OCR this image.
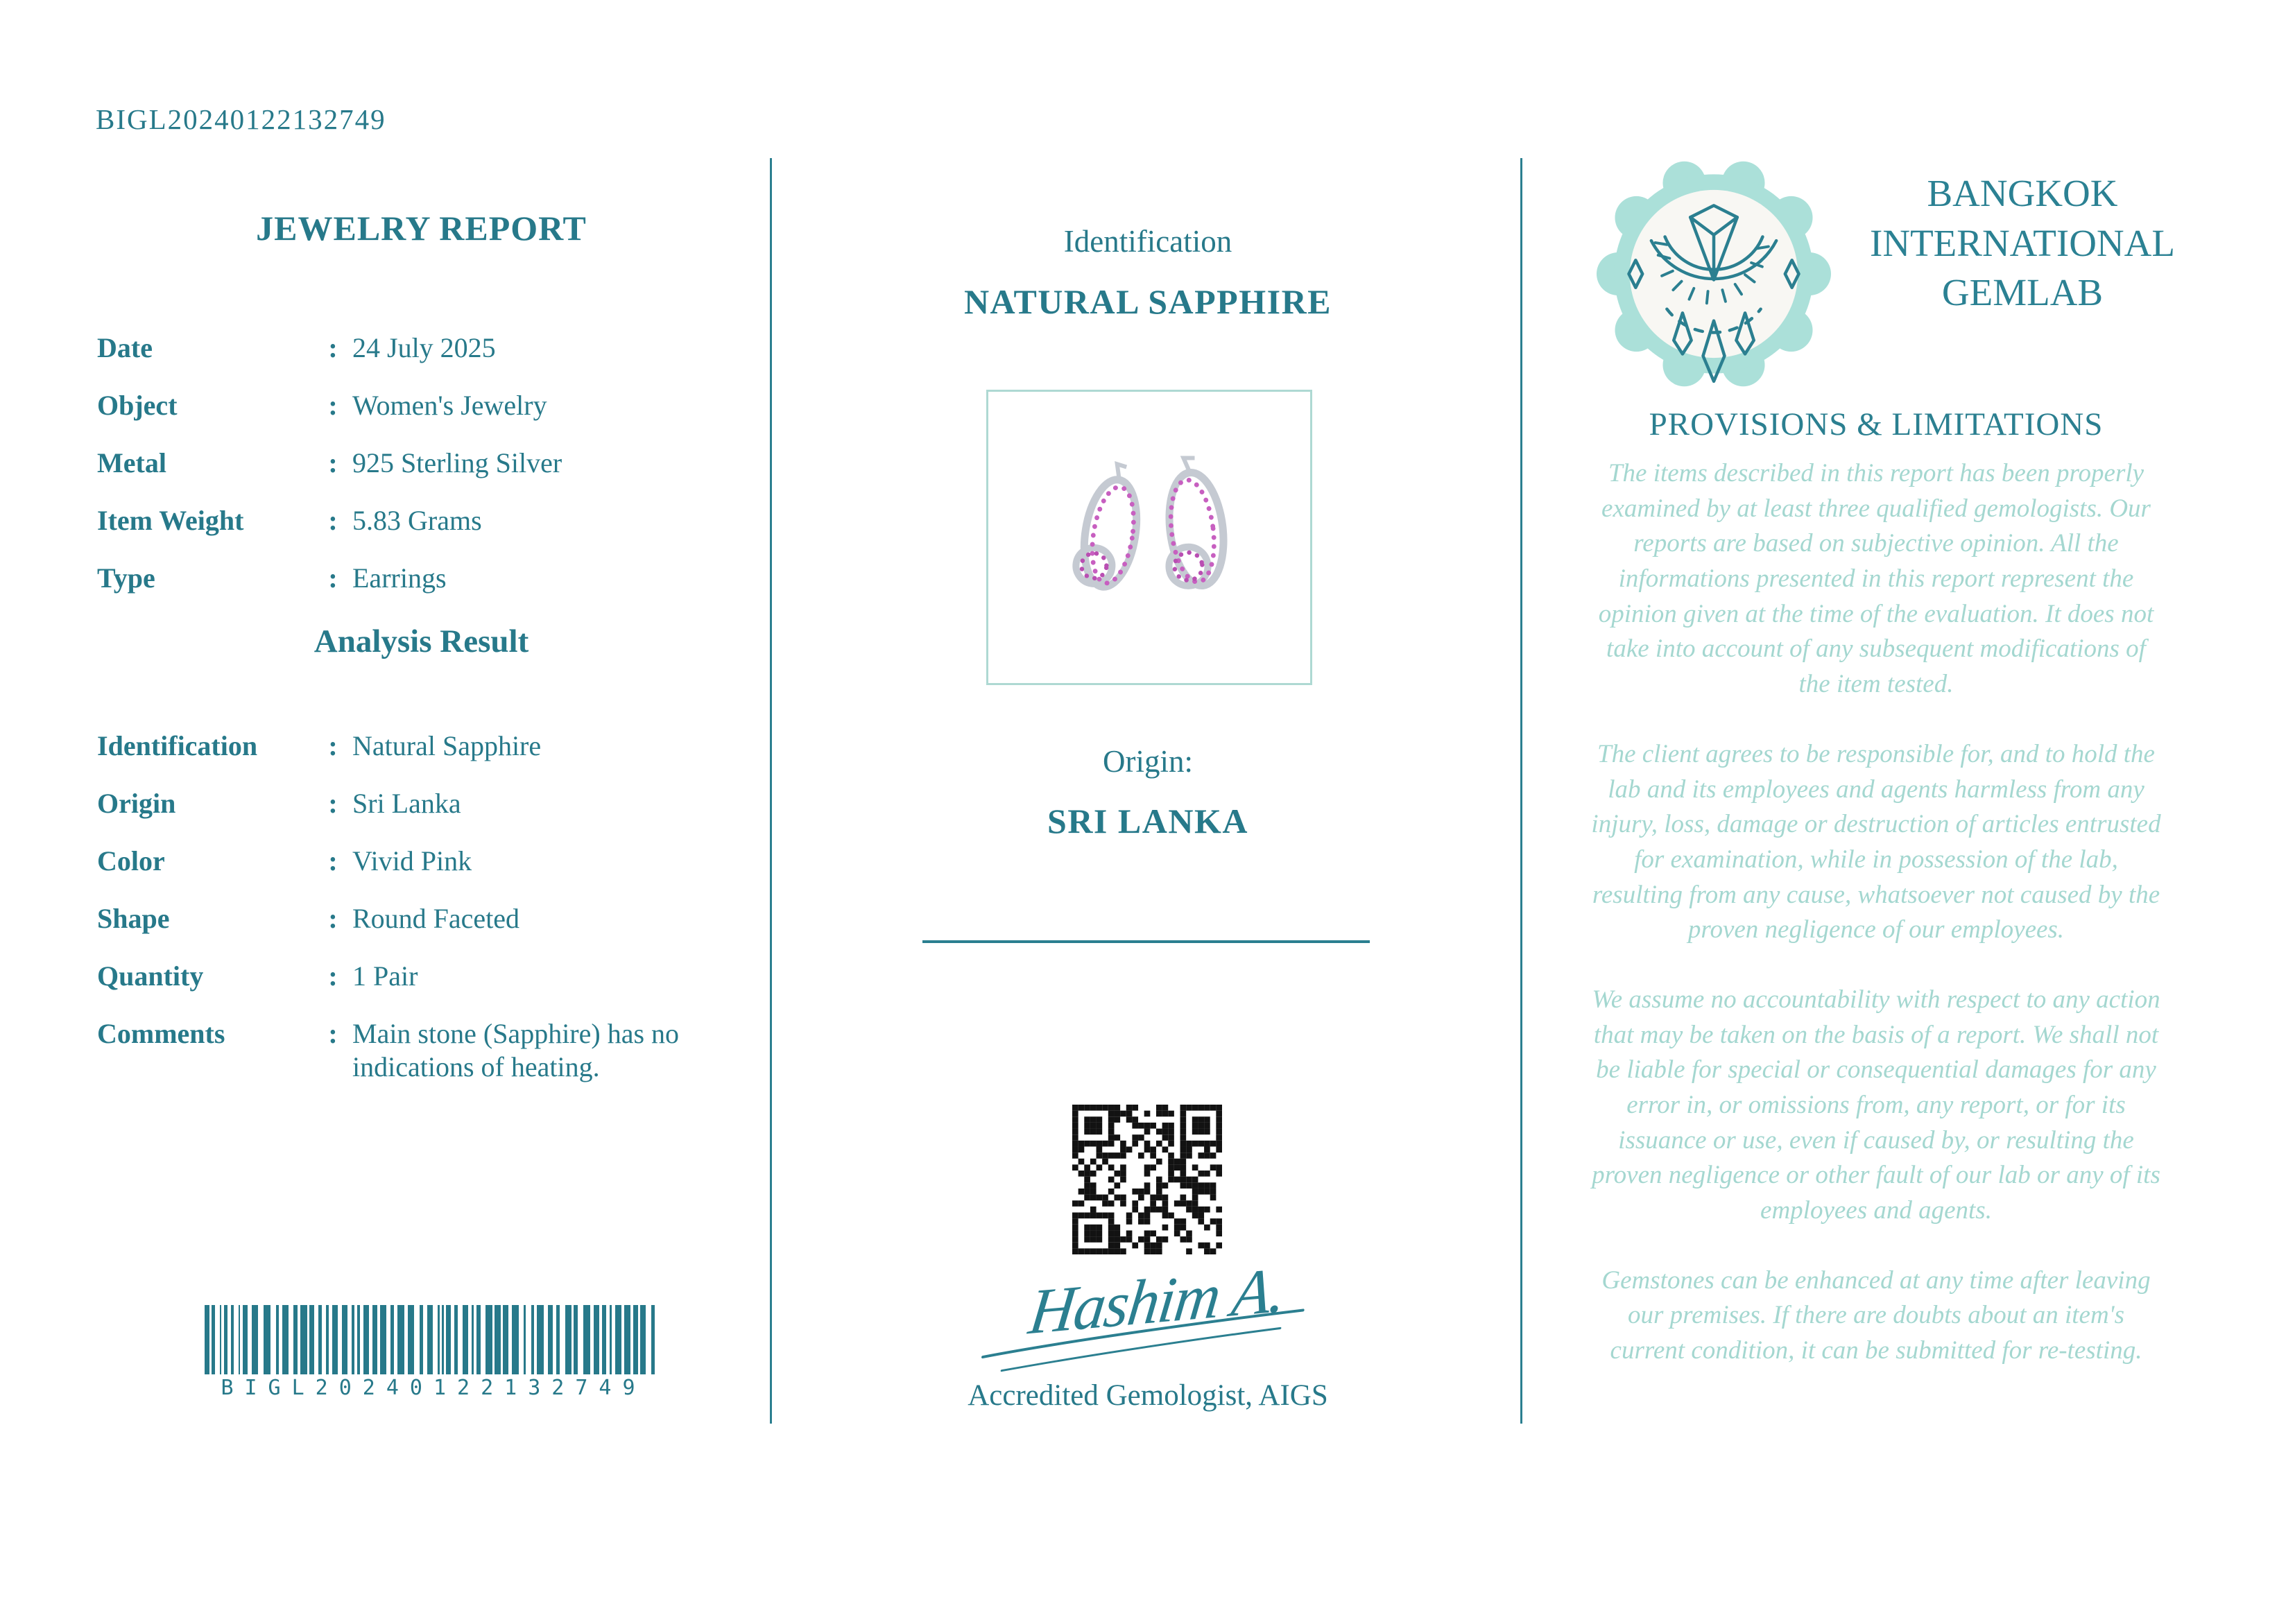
BIGL20240122132749
JEWELRY REPORT
Date	: 24 July 2025
Object	: Women's Jewelry
Metal	: 925 Sterling Silver
Item Weight	: 5.83 Grams
Type	: Earrings
Analysis Result
Identification	: Natural Sapphire
Origin	: Sri Lanka
Color	: Vivid Pink
Shape	: Round Faceted
Quantity	: 1 Pair
Comments	: Main stone (Sapphire) has no indications of heating.
BIGL20240122132749
Identification
NATURAL SAPPHIRE
Origin:
SRI LANKA
Hashim A.
Accredited Gemologist, AIGS
BANGKOK INTERNATIONAL GEMLAB
PROVISIONS & LIMITATIONS

The items described in this report has been properly examined by at least three qualified gemologists. Our reports are based on subjective opinion. All the informations presented in this report represent the opinion given at the time of the evaluation. It does not take into account of any subsequent modifications of the item tested.

The client agrees to be responsible for, and to hold the lab and its employees and agents harmless from any injury, loss, damage or destruction of articles entrusted for examination, while in possession of the lab, resulting from any cause, whatsoever not caused by the proven negligence of our employees.

We assume no accountability with respect to any action that may be taken on the basis of a report. We shall not be liable for special or consequential damages for any error in, or omissions from, any report, or for its issuance or use, even if caused by, or resulting the proven negligence or other fault of our lab or any of its employees and agents.

Gemstones can be enhanced at any time after leaving our premises. If there are doubts about an item's current condition, it can be submitted for re-testing.
